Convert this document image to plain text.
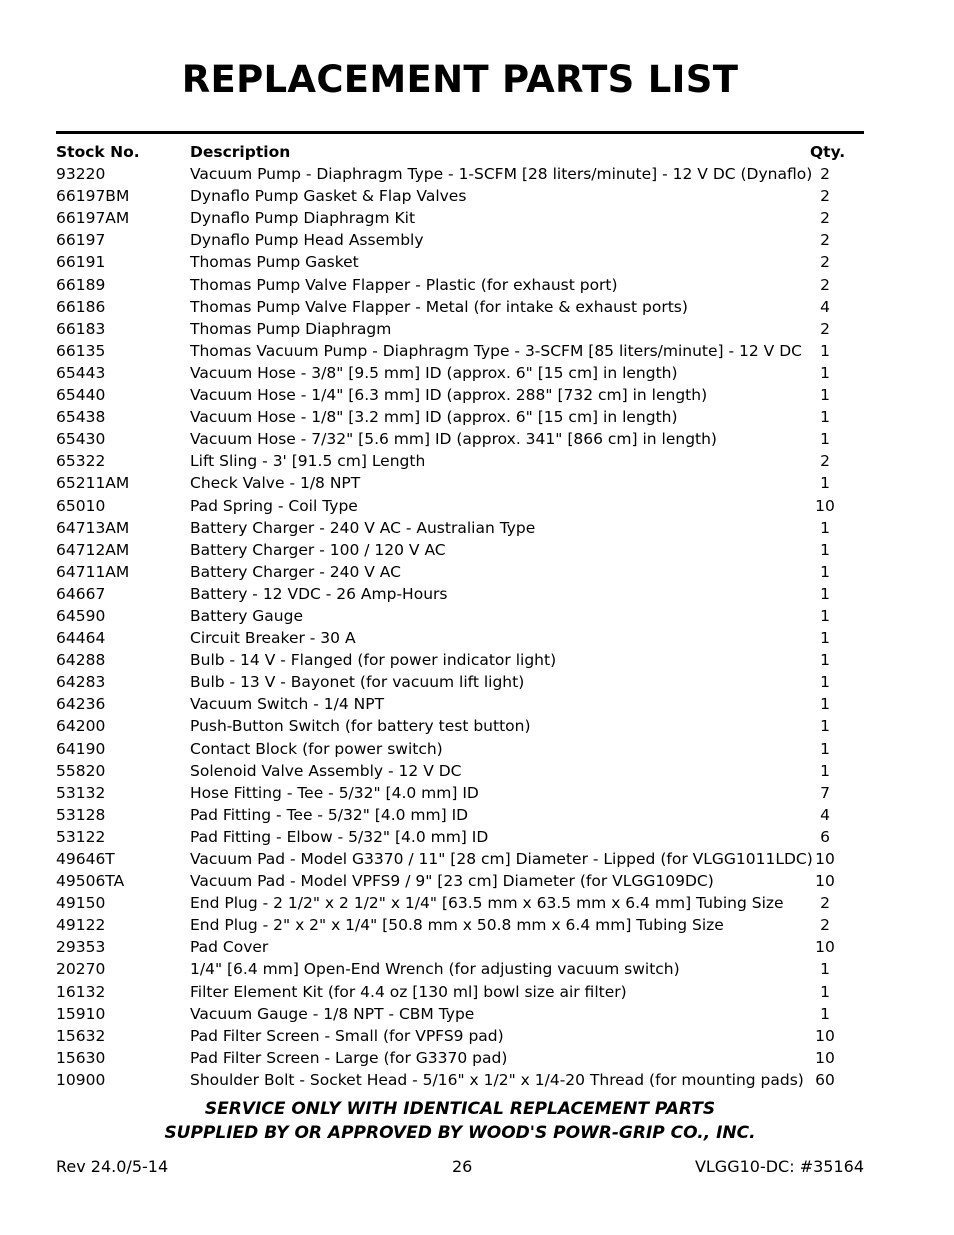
REPLACEMENT PARTS LIST
Stock No.	Description	Qty.	
93220	Vacuum Pump - Diaphragm Type - 1-SCFM [28 liters/minute] - 12 V DC (Dynaflo)	2	
66197BM	Dynaflo Pump Gasket & Flap Valves	2	
66197AM	Dynaflo Pump Diaphragm Kit	2	
66197	Dynaflo Pump Head Assembly	2	
66191	Thomas Pump Gasket	2	
66189	Thomas Pump Valve Flapper - Plastic (for exhaust port)	2	
66186	Thomas Pump Valve Flapper - Metal (for intake & exhaust ports)	4	
66183	Thomas Pump Diaphragm	2	
66135	Thomas Vacuum Pump - Diaphragm Type - 3-SCFM [85 liters/minute] - 12 V DC	1	
65443	Vacuum Hose - 3/8" [9.5 mm] ID (approx. 6" [15 cm] in length)	1	
65440	Vacuum Hose - 1/4" [6.3 mm] ID (approx. 288" [732 cm] in length)	1	
65438	Vacuum Hose - 1/8" [3.2 mm] ID (approx. 6" [15 cm] in length)	1	
65430	Vacuum Hose - 7/32" [5.6 mm] ID (approx. 341" [866 cm] in length)	1	
65322	Lift Sling - 3' [91.5 cm] Length	2	
65211AM	Check Valve - 1/8 NPT	1	
65010	Pad Spring - Coil Type	10	
64713AM	Battery Charger - 240 V AC - Australian Type	1	
64712AM	Battery Charger - 100 / 120 V AC	1	
64711AM	Battery Charger - 240 V AC	1	
64667	Battery - 12 VDC - 26 Amp-Hours	1	
64590	Battery Gauge	1	
64464	Circuit Breaker - 30 A	1	
64288	Bulb - 14 V - Flanged (for power indicator light)	1	
64283	Bulb - 13 V - Bayonet (for vacuum lift light)	1	
64236	Vacuum Switch - 1/4 NPT	1	
64200	Push-Button Switch (for battery test button)	1	
64190	Contact Block (for power switch)	1	
55820	Solenoid Valve Assembly - 12 V DC	1	
53132	Hose Fitting - Tee - 5/32" [4.0 mm] ID	7	
53128	Pad Fitting - Tee - 5/32" [4.0 mm] ID	4	
53122	Pad Fitting - Elbow - 5/32" [4.0 mm] ID	6	
49646T	Vacuum Pad - Model G3370 / 11" [28 cm] Diameter - Lipped (for VLGG1011LDC)	10	
49506TA	Vacuum Pad - Model VPFS9 / 9" [23 cm] Diameter (for VLGG109DC)	10	
49150	End Plug - 2 1/2" x 2 1/2" x 1/4" [63.5 mm x 63.5 mm x 6.4 mm] Tubing Size	2	
49122	End Plug - 2" x 2" x 1/4" [50.8 mm x 50.8 mm x 6.4 mm] Tubing Size	2	
29353	Pad Cover	10	
20270	1/4" [6.4 mm] Open-End Wrench (for adjusting vacuum switch)	1	
16132	Filter Element Kit (for 4.4 oz [130 ml] bowl size air filter)	1	
15910	Vacuum Gauge - 1/8 NPT - CBM Type	1	
15632	Pad Filter Screen - Small (for VPFS9 pad)	10	
15630	Pad Filter Screen - Large (for G3370 pad)	10	
10900	Shoulder Bolt - Socket Head - 5/16" x 1/2" x 1/4-20 Thread (for mounting pads)	60	

SERVICE ONLY WITH IDENTICAL REPLACEMENT PARTS

SUPPLIED BY OR APPROVED BY WOOD'S POWR-GRIP CO., INC.

Rev 24.0/5-14	26	VLGG10-DC: #35164
